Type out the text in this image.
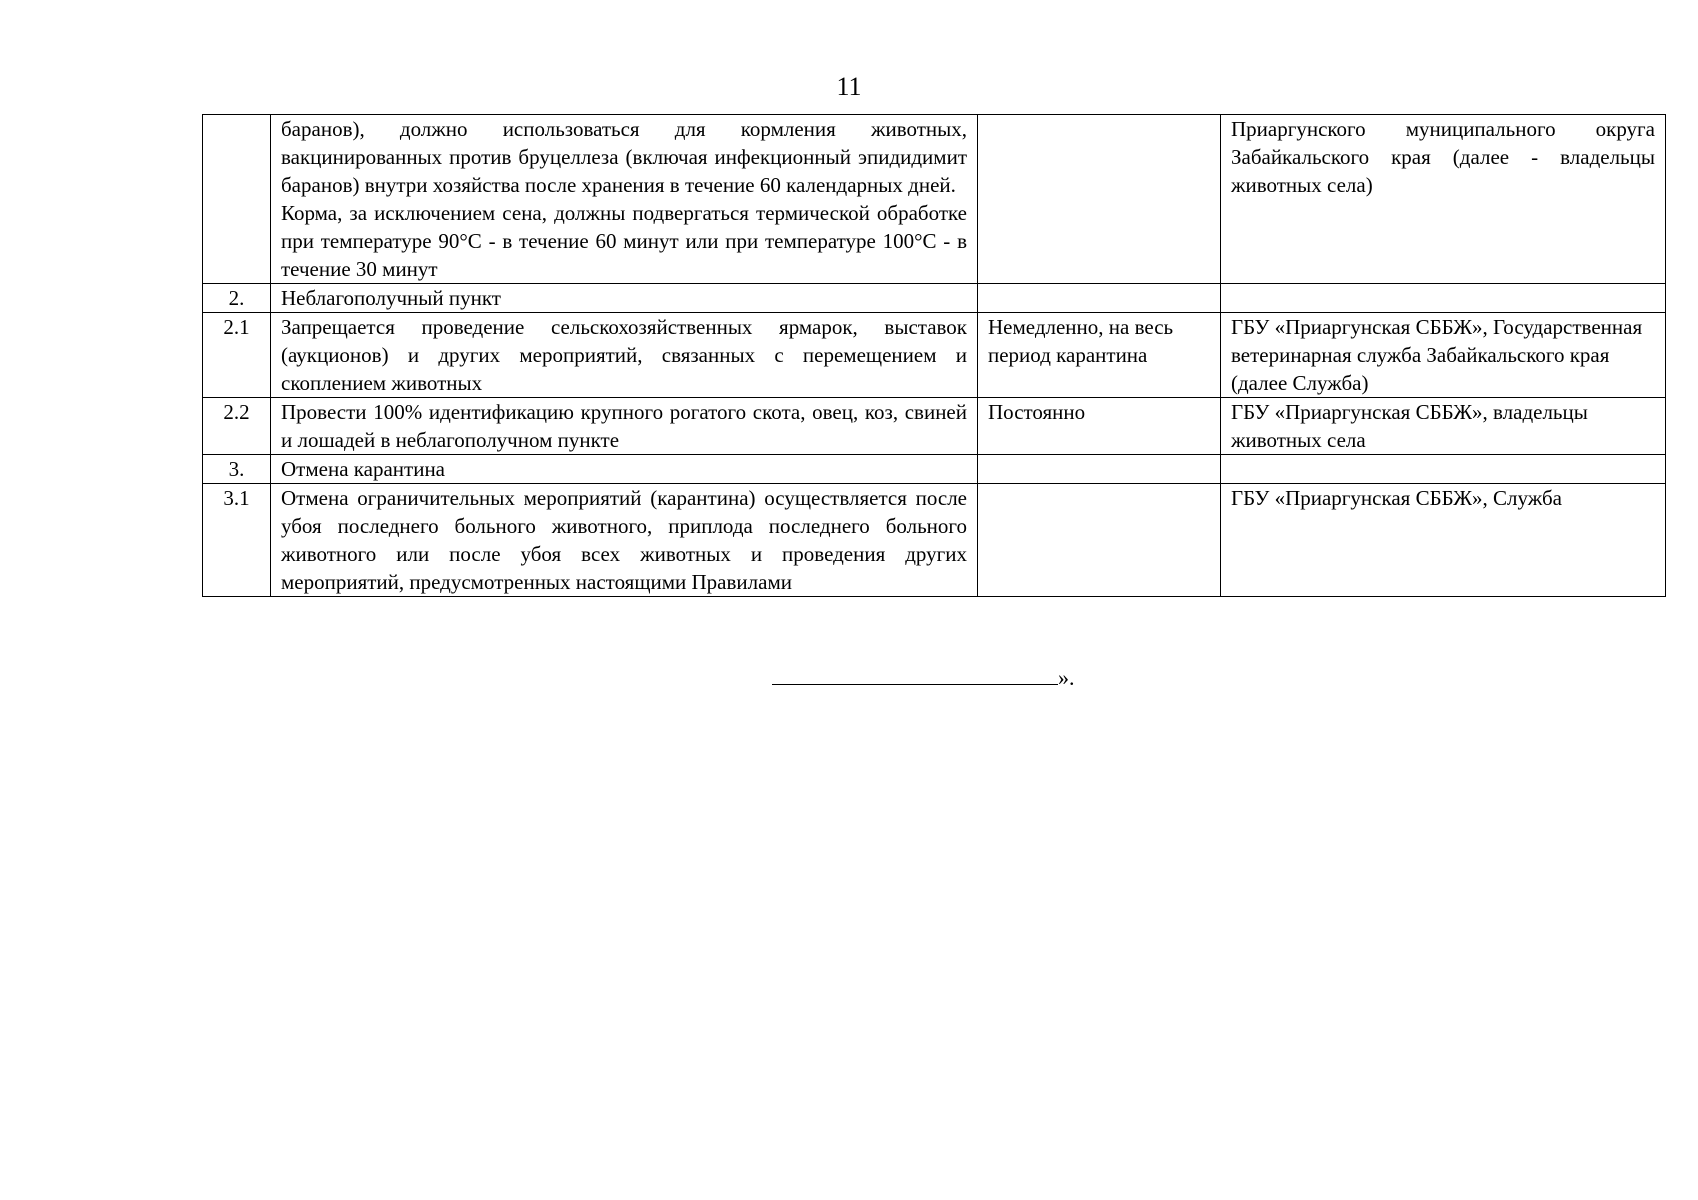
11

	баранов), должно использоваться для кормления животных, вакцинированных против бруцеллеза (включая инфекционный эпидидимит баранов) внутри хозяйства после хранения в течение 60 календарных дней.
Корма, за исключением сена, должны подвергаться термической обработке при температуре 90°С - в течение 60 минут или при температуре 100°С - в течение 30 минут		Приаргунского муниципального округа Забайкальского края (далее - владельцы животных села)
2.	Неблагополучный пункт		
2.1	Запрещается проведение сельскохозяйственных ярмарок, выставок (аукционов) и других мероприятий, связанных с перемещением и скоплением животных	Немедленно, на весь период карантина	ГБУ «Приаргунская СББЖ», Государственная ветеринарная служба Забайкальского края (далее Служба)
2.2	Провести 100% идентификацию крупного рогатого скота, овец, коз, свиней и лошадей в неблагополучном пункте	Постоянно	ГБУ «Приаргунская СББЖ», владельцы животных села
3.	Отмена карантина		
3.1	Отмена ограничительных мероприятий (карантина) осуществляется после убоя последнего больного животного, приплода последнего больного животного или после убоя всех животных и проведения других мероприятий, предусмотренных настоящими Правилами		ГБУ «Приаргунская СББЖ», Служба
».
